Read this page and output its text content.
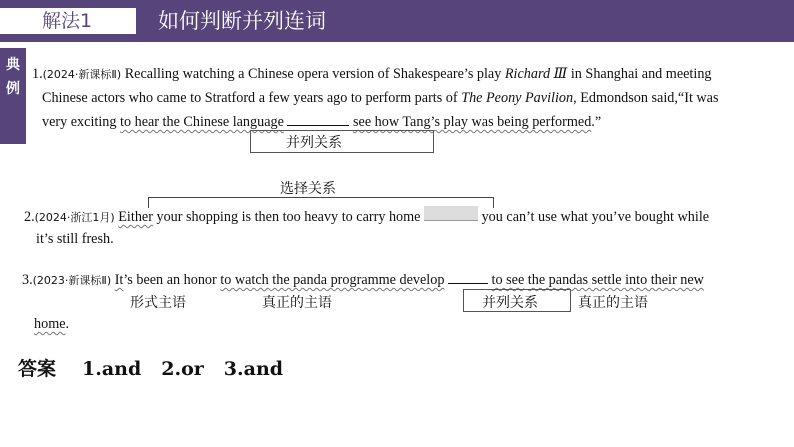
解法1	如何判断并列连词
典
例
1.(2024·新课标Ⅱ) Recalling watching a Chinese opera version of Shakespeare’s play Richard Ⅲ in Shanghai and meeting
Chinese actors who came to Stratford a few years ago to perform parts of The Peony Pavilion, Edmondson said,“It was
very exciting to hear the Chinese language	see how Tang’s play was being performed.”
并列关系
选择关系
2.(2024·浙江1月) Either your shopping is then too heavy to carry home	you can’t use what you’ve bought while
it’s still fresh.
3.(2023·新课标Ⅱ) It’s been an honor to watch the panda programme develop	to see the pandas settle into their new
形式主语	真正的主语	并列关系	真正的主语
home.
答案 1.and 2.or 3.and
